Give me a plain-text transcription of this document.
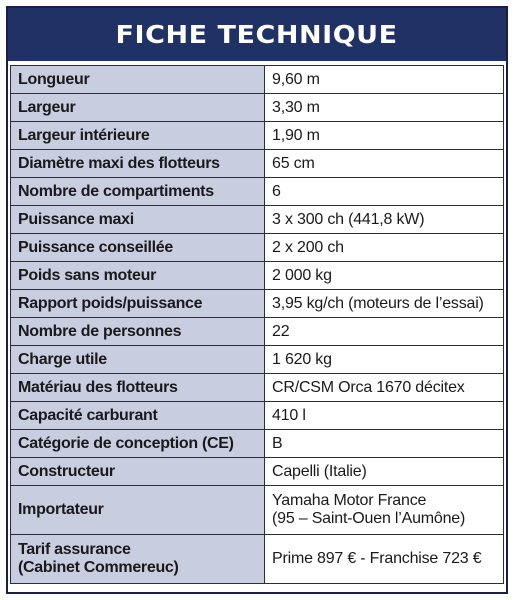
FICHE TECHNIQUE
Longueur	9,60 m
Largeur	3,30 m
Largeur intérieure	1,90 m
Diamètre maxi des flotteurs	65 cm
Nombre de compartiments	6
Puissance maxi	3 x 300 ch (441,8 kW)
Puissance conseillée	2 x 200 ch
Poids sans moteur	2 000 kg
Rapport poids/puissance	3,95 kg/ch (moteurs de l’essai)
Nombre de personnes	22
Charge utile	1 620 kg
Matériau des flotteurs	CR/CSM Orca 1670 décitex
Capacité carburant	410 l
Catégorie de conception (CE)	B
Constructeur	Capelli (Italie)
Importateur	Yamaha Motor France
(95 – Saint-Ouen l’Aumône)

Tarif assurance
(Cabinet Commereuc)	Prime 897 € - Franchise 723 €
